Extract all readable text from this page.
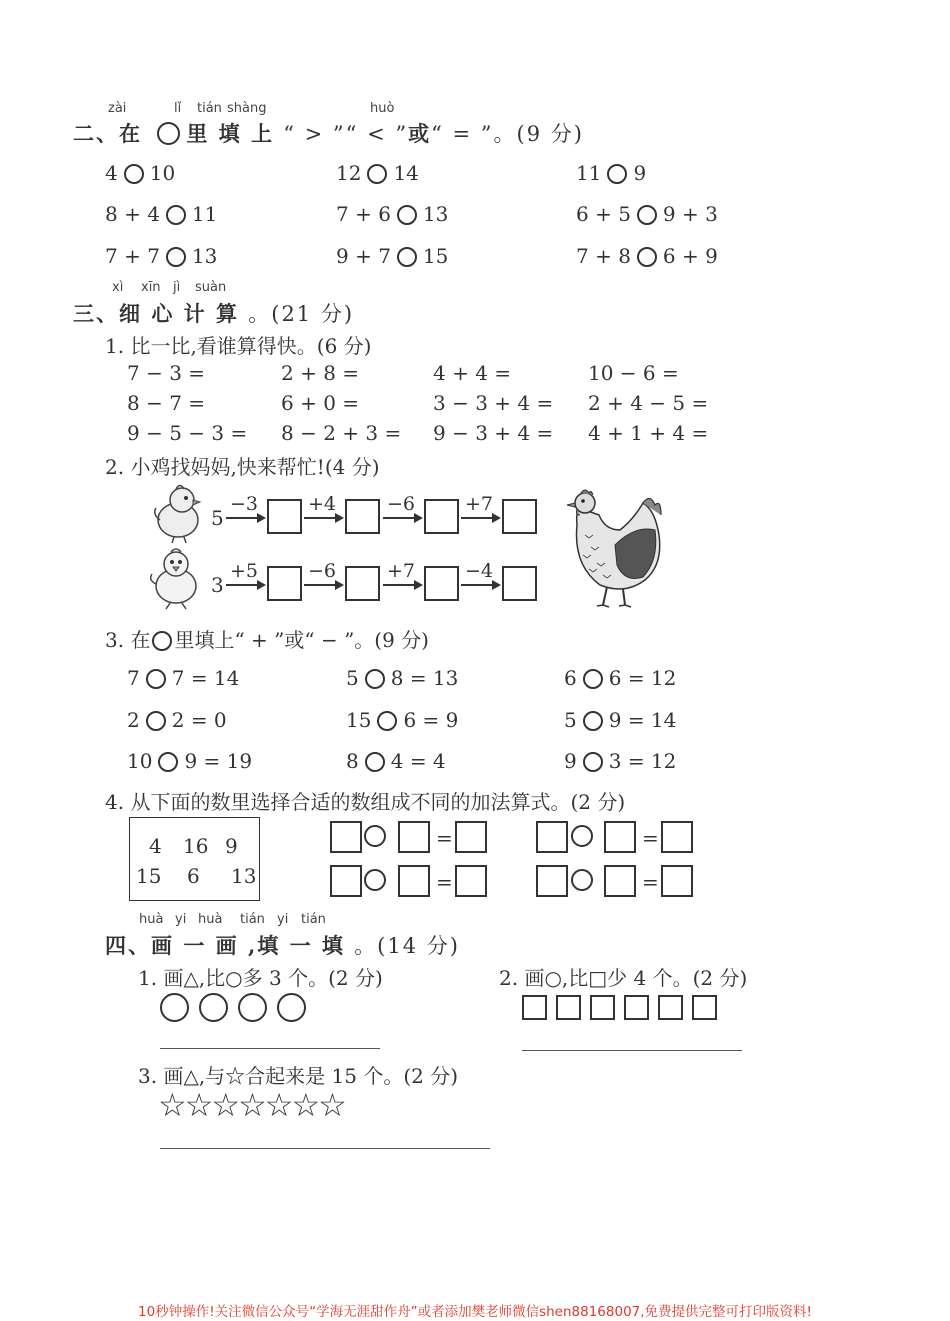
zài	lǐ tián shàng	huò
二、在 里 填 上 “ > ”“ < ”或“ = ”。(9 分)
4 10	12 14	11 9
8 + 4 11	7 + 6 13	6 + 5 9 + 3
7 + 7 13	9 + 7 15	7 + 8 6 + 9
xì xīn jì suàn
三、细 心 计 算 。(21 分)
1. 比一比,看谁算得快。(6 分)
7 − 3 =	2 + 8 =	4 + 4 =	10 − 6 =
8 − 7 =	6 + 0 =	3 − 3 + 4 = 2 + 4 − 5 =
9 − 5 − 3 = 8 − 2 + 3 = 9 − 3 + 4 = 4 + 1 + 4 =
2. 小鸡找妈妈,快来帮忙!(4 分)
5
−3	+4	−6	+7
3
+5	−6	+7	−4
3. 在 里填上“ + ”或“ − ”。(9 分)
7 7 = 14	5 8 = 13	6 6 = 12
2 2 = 0	15 6 = 9	5 9 = 14
10 9 = 19	8 4 = 4	9 3 = 12
4. 从下面的数里选择合适的数组成不同的加法算式。(2 分)
4 16 9
15 6 13
=	=
=	=
huà yi huà tián yi tián
四、画 一 画 ,填 一 填 。(14 分)
1. 画△,比○多 3 个。(2 分)	2. 画○,比□少 4 个。(2 分)
3. 画△,与☆合起来是 15 个。(2 分)
☆☆☆☆☆☆☆
10秒钟操作!关注微信公众号“学海无涯甜作舟”或者添加樊老师微信shen88168007,免费提供完整可打印版资料!
